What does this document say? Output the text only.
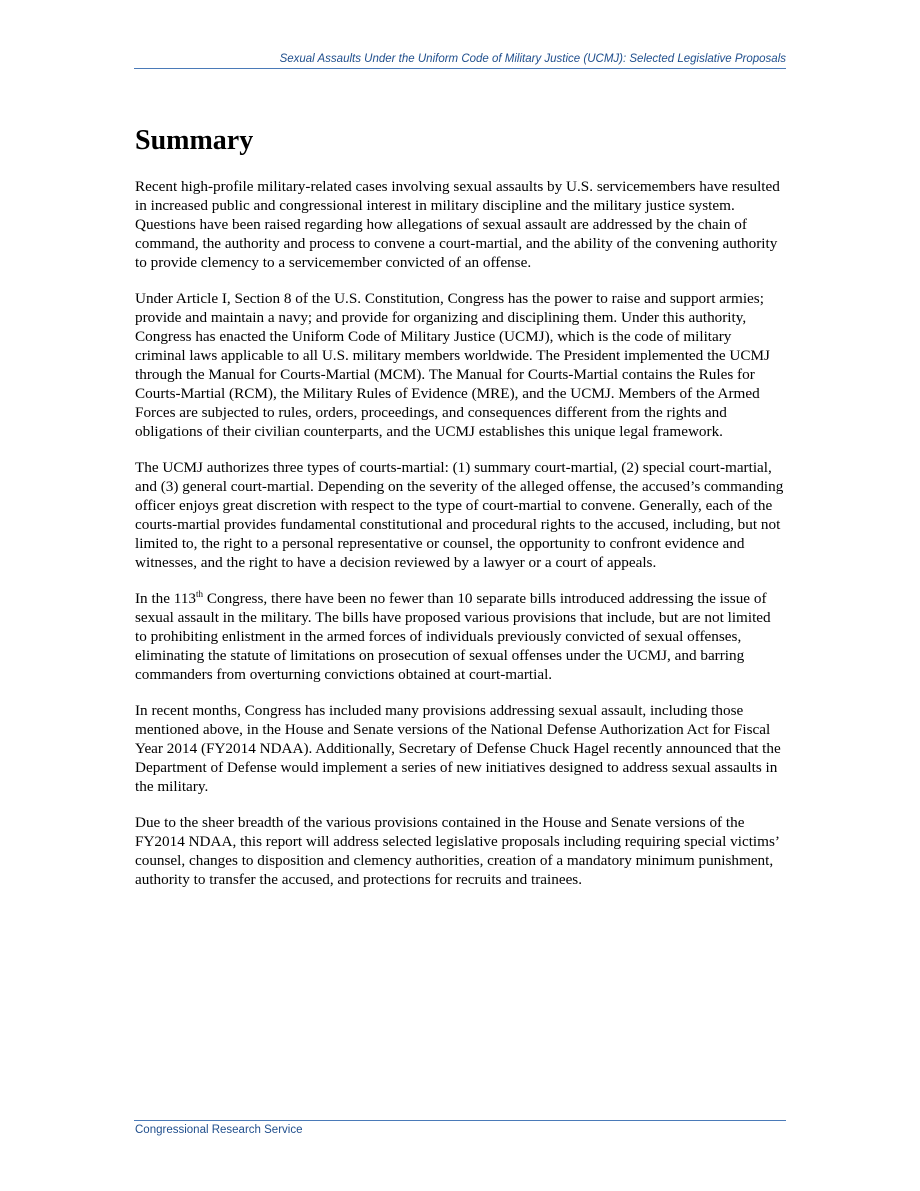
Sexual Assaults Under the Uniform Code of Military Justice (UCMJ): Selected Legislative Proposals
Summary

Recent high-profile military-related cases involving sexual assaults by U.S. servicemembers have resulted in increased public and congressional interest in military discipline and the military justice system. Questions have been raised regarding how allegations of sexual assault are addressed by the chain of command, the authority and process to convene a court-martial, and the ability of the convening authority to provide clemency to a servicemember convicted of an offense.

Under Article I, Section 8 of the U.S. Constitution, Congress has the power to raise and support armies; provide and maintain a navy; and provide for organizing and disciplining them. Under this authority, Congress has enacted the Uniform Code of Military Justice (UCMJ), which is the code of military criminal laws applicable to all U.S. military members worldwide. The President implemented the UCMJ through the Manual for Courts-Martial (MCM). The Manual for Courts-Martial contains the Rules for Courts-Martial (RCM), the Military Rules of Evidence (MRE), and the UCMJ. Members of the Armed Forces are subjected to rules, orders, proceedings, and consequences different from the rights and obligations of their civilian counterparts, and the UCMJ establishes this unique legal framework.

The UCMJ authorizes three types of courts-martial: (1) summary court-martial, (2) special court-martial, and (3) general court-martial. Depending on the severity of the alleged offense, the accused’s commanding officer enjoys great discretion with respect to the type of court-martial to convene. Generally, each of the courts-martial provides fundamental constitutional and procedural rights to the accused, including, but not limited to, the right to a personal representative or counsel, the opportunity to confront evidence and witnesses, and the right to have a decision reviewed by a lawyer or a court of appeals.

In the 113th Congress, there have been no fewer than 10 separate bills introduced addressing the issue of sexual assault in the military. The bills have proposed various provisions that include, but are not limited to prohibiting enlistment in the armed forces of individuals previously convicted of sexual offenses, eliminating the statute of limitations on prosecution of sexual offenses under the UCMJ, and barring commanders from overturning convictions obtained at court-martial.

In recent months, Congress has included many provisions addressing sexual assault, including those mentioned above, in the House and Senate versions of the National Defense Authorization Act for Fiscal Year 2014 (FY2014 NDAA). Additionally, Secretary of Defense Chuck Hagel recently announced that the Department of Defense would implement a series of new initiatives designed to address sexual assaults in the military.

Due to the sheer breadth of the various provisions contained in the House and Senate versions of the FY2014 NDAA, this report will address selected legislative proposals including requiring special victims’ counsel, changes to disposition and clemency authorities, creation of a mandatory minimum punishment, authority to transfer the accused, and protections for recruits and trainees.

Congressional Research Service
